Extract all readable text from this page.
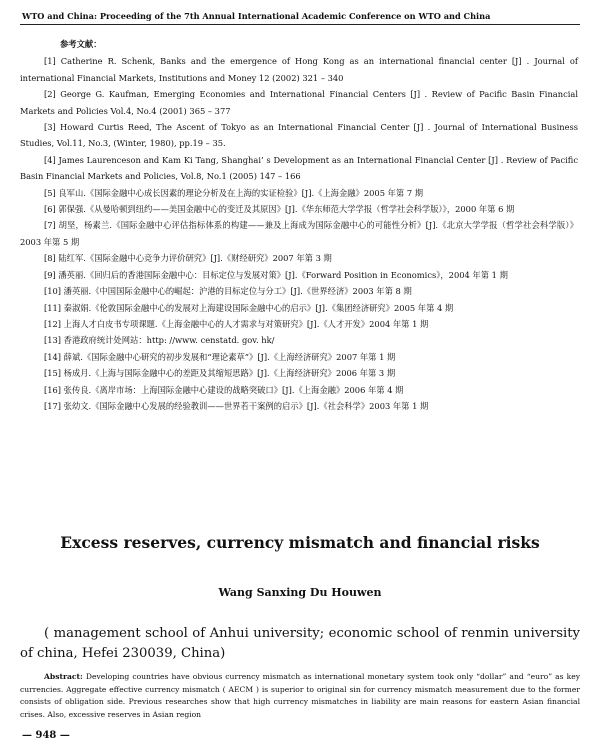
WTO and China: Proceeding of the 7th Annual International Academic Conference on WTO and China
参考文献：
[1] Catherine R. Schenk, Banks and the emergence of Hong Kong as an international financial center [J] . Journal of international Financial Markets, Institutions and Money 12 (2002) 321 – 340
[2] George G. Kaufman, Emerging Economies and International Financial Centers [J] . Review of Pacific Basin Financial Markets and Policies Vol.4, No.4 (2001) 365 – 377
[3] Howard Curtis Reed, The Ascent of Tokyo as an International Financial Center [J] . Journal of International Business Studies, Vol.11, No.3, (Winter, 1980), pp.19 – 35.
[4] James Laurenceson and Kam Ki Tang, Shanghai’ s Development as an International Financial Center [J] . Review of Pacific Basin Financial Markets and Policies, Vol.8, No.1 (2005) 147 – 166
[5] 良军山.《国际金融中心成长因素的理论分析及在上海的实证检验》[J].《上海金融》2005 年第 7 期
[6] 郭保强.《从曼哈顿到纽约——美国金融中心的变迁及其原因》[J].《华东师范大学学报（哲学社会科学版）》，2000 年第 6 期
[7] 胡坚，杨素兰.《国际金融中心评估指标体系的构建——兼及上海成为国际金融中心的可能性分析》[J].《北京大学学报（哲学社会科学版）》2003 年第 5 期
[8] 陆红军.《国际金融中心竞争力评价研究》[J].《财经研究》2007 年第 3 期
[9] 潘英丽.《回归后的香港国际金融中心：目标定位与发展对策》[J].《Forward Position in Economics》，2004 年第 1 期
[10] 潘英丽.《中国国际金融中心的崛起：沪港的目标定位与分工》[J].《世界经济》2003 年第 8 期
[11] 秦淑娟.《伦敦国际金融中心的发展对上海建设国际金融中心的启示》[J].《集团经济研究》2005 年第 4 期
[12] 上海人才白皮书专项课题.《上海金融中心的人才需求与对策研究》[J].《人才开发》2004 年第 1 期
[13] 香港政府统计处网站：http: //www. censtatd. gov. hk/
[14] 薛斌.《国际金融中心研究的初步发展和“理论素草”》[J].《上海经济研究》2007 年第 1 期
[15] 杨成月.《上海与国际金融中心的差距及其缩短思路》[J].《上海经济研究》2006 年第 3 期
[16] 张传良.《离岸市场：上海国际金融中心建设的战略突破口》[J].《上海金融》2006 年第 4 期
[17] 张幼文.《国际金融中心发展的经验教训——世界若干案例的启示》[J].《社会科学》2003 年第 1 期
Excess reserves, currency mismatch and financial risks
Wang Sanxing Du Houwen
( management school of Anhui university; economic school of renmin university of china, Hefei 230039, China)
Abstract: Developing countries have obvious currency mismatch as international monetary system took only “dollar” and “euro” as key currencies. Aggregate effective currency mismatch ( AECM ) is superior to original sin for currency mismatch measurement due to the former consists of obligation side. Previous researches show that high currency mismatches in liability are main reasons for eastern Asian financial crises. Also, excessive reserves in Asian region
— 948 —
